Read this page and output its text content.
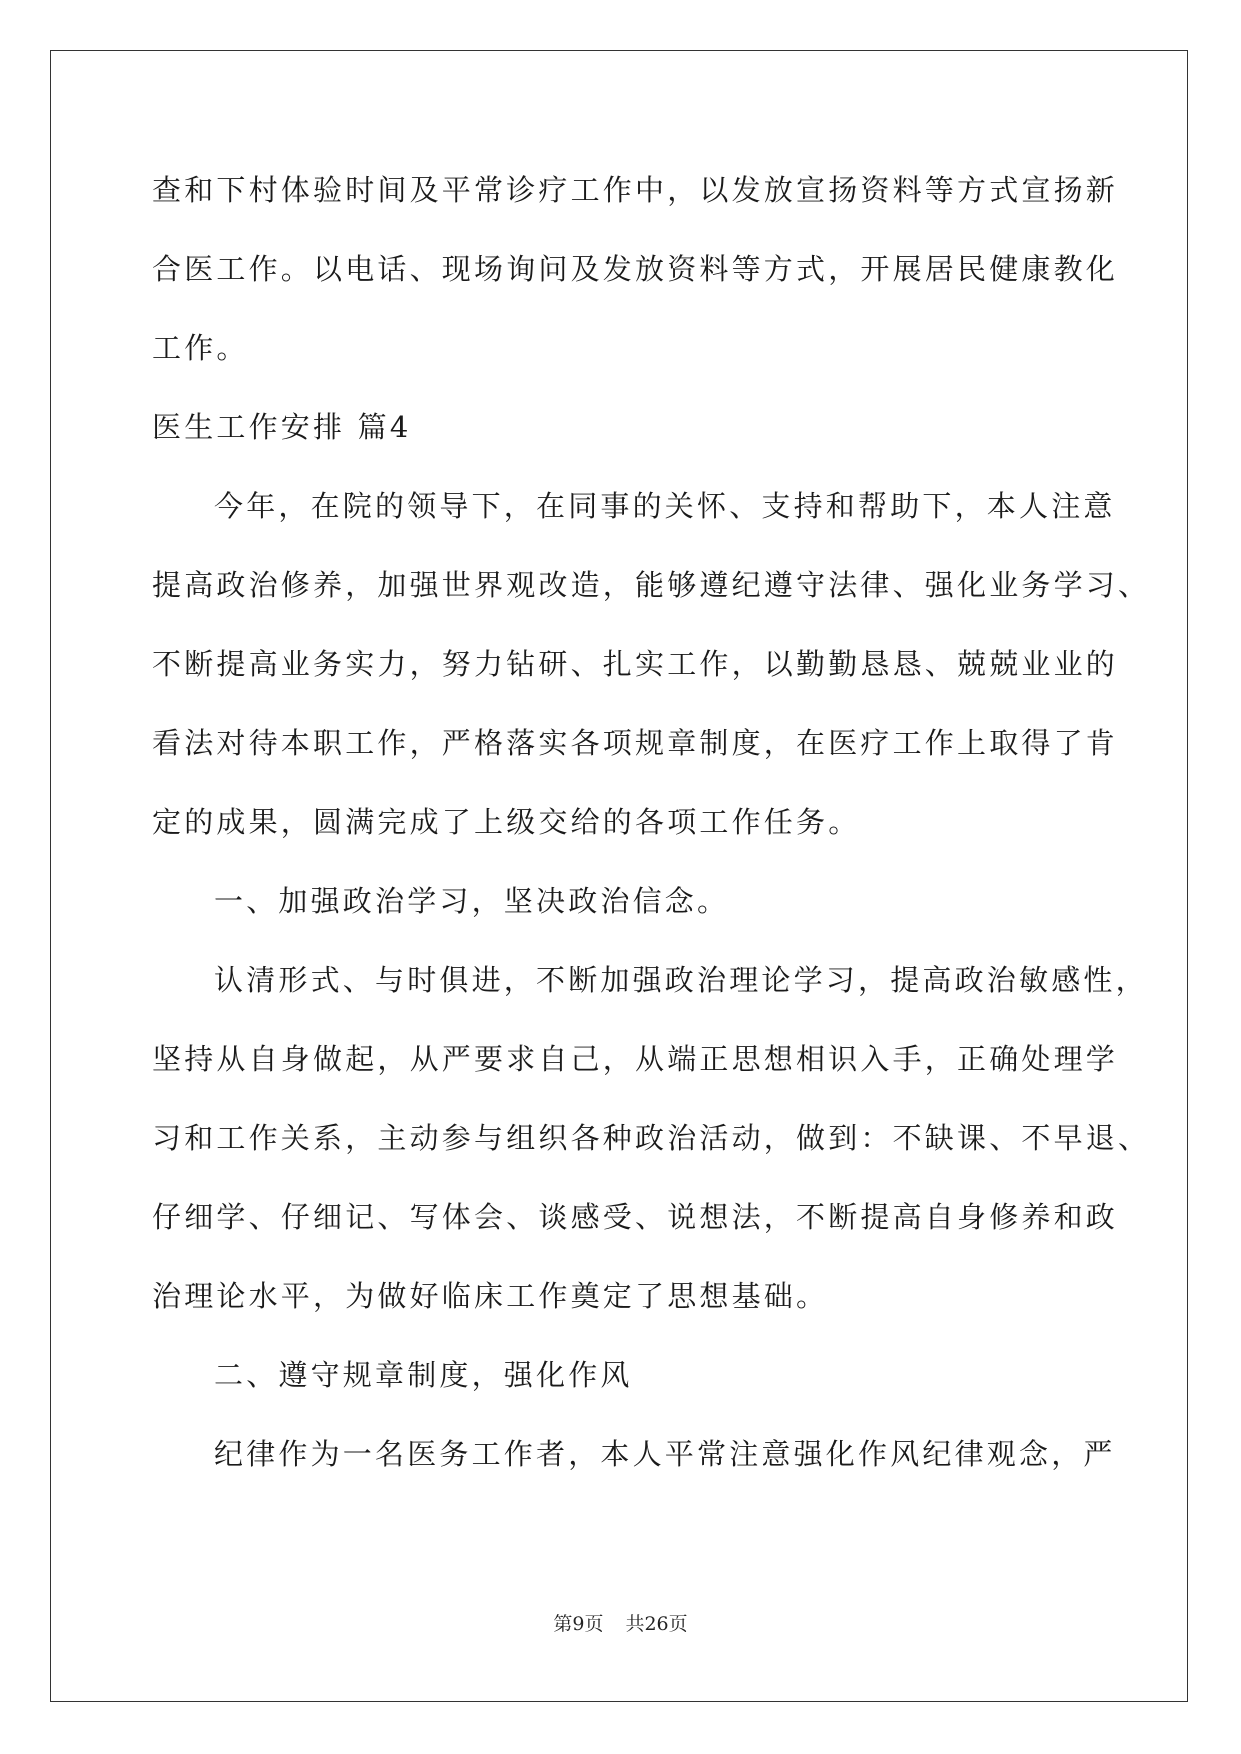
查和下村体验时间及平常诊疗工作中，以发放宣扬资料等方式宣扬新
合医工作。以电话、现场询问及发放资料等方式，开展居民健康教化
工作。
医生工作安排 篇4
今年，在院的领导下，在同事的关怀、支持和帮助下，本人注意
提高政治修养，加强世界观改造，能够遵纪遵守法律、强化业务学习、
不断提高业务实力，努力钻研、扎实工作，以勤勤恳恳、兢兢业业的
看法对待本职工作，严格落实各项规章制度，在医疗工作上取得了肯
定的成果，圆满完成了上级交给的各项工作任务。
一、加强政治学习，坚决政治信念。
认清形式、与时俱进，不断加强政治理论学习，提高政治敏感性，
坚持从自身做起，从严要求自己，从端正思想相识入手，正确处理学
习和工作关系，主动参与组织各种政治活动，做到：不缺课、不早退、
仔细学、仔细记、写体会、谈感受、说想法，不断提高自身修养和政
治理论水平，为做好临床工作奠定了思想基础。
二、遵守规章制度，强化作风
纪律作为一名医务工作者，本人平常注意强化作风纪律观念，严
第9页 共26页
